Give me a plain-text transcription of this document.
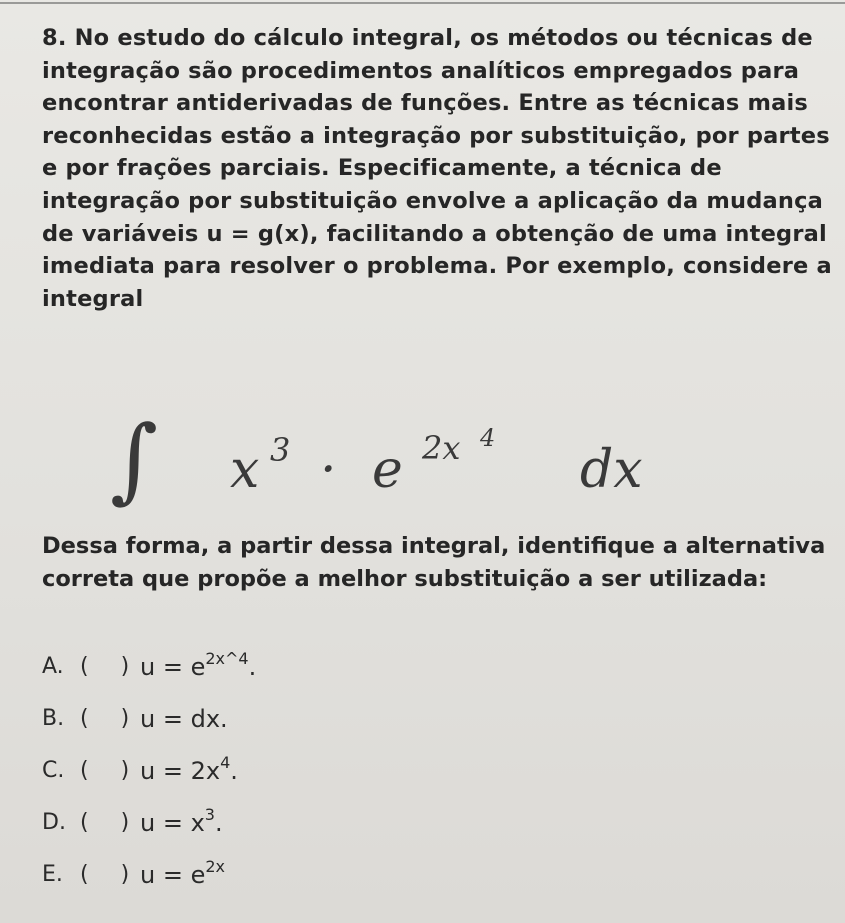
8. No estudo do cálculo integral, os métodos ou técnicas de integração são procedimentos analíticos empregados para encontrar antiderivadas de funções. Entre as técnicas mais reconhecidas estão a integração por substituição, por partes e por frações parciais. Especificamente, a técnica de integração por substituição envolve a aplicação da mudança de variáveis u = g(x), facilitando a obtenção de uma integral imediata para resolver o problema. Por exemplo, considere a integral
∫ x 3 · e 2x 4
dx
Dessa forma, a partir dessa integral, identifique a alternativa correta que propõe a melhor substituição a ser utilizada:
A. ( ) $u = e^{2x\^{}4}$.
B. ( ) u = dx.
C. ( ) $u = 2x^4$.
D. ( ) $u = x^3$.
E. ( ) $u = e^{2x}$
